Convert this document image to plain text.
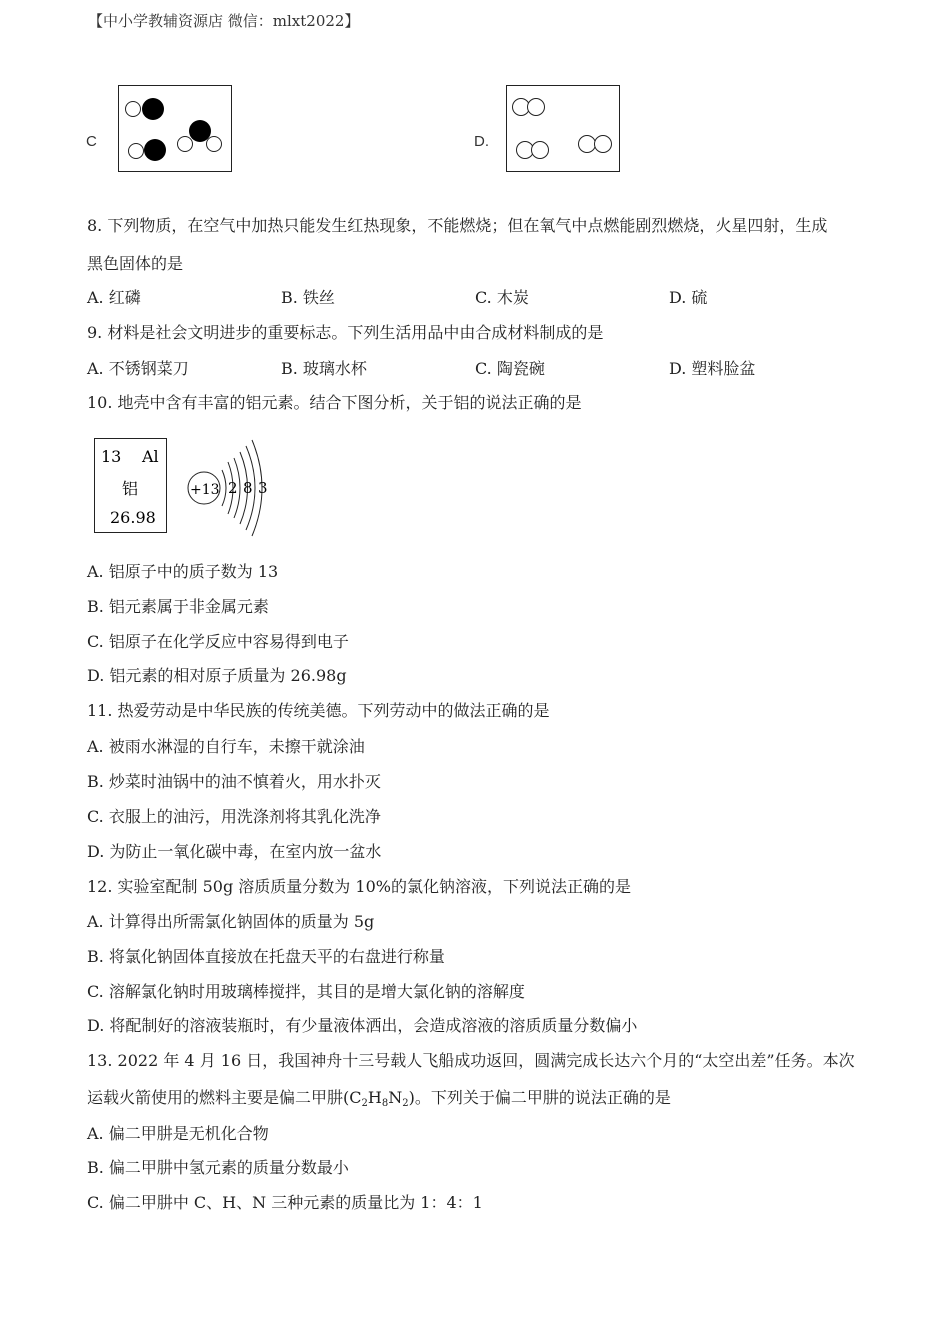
【中小学教辅资源店 微信：mlxt2022】
C	D.
8. 下列物质，在空气中加热只能发生红热现象，不能燃烧；但在氧气中点燃能剧烈燃烧，火星四射，生成
黑色固体的是
A. 红磷	B. 铁丝	C. 木炭	D. 硫
9. 材料是社会文明进步的重要标志。下列生活用品中由合成材料制成的是
A. 不锈钢菜刀	B. 玻璃水杯	C. 陶瓷碗	D. 塑料脸盆
10. 地壳中含有丰富的铝元素。结合下图分析，关于铝的说法正确的是
13 Al
铝
26.98
+13 2 8 3
A. 铝原子中的质子数为 13
B. 铝元素属于非金属元素
C. 铝原子在化学反应中容易得到电子
D. 铝元素的相对原子质量为 26.98g
11. 热爱劳动是中华民族的传统美德。下列劳动中的做法正确的是
A. 被雨水淋湿的自行车，未擦干就涂油
B. 炒菜时油锅中的油不慎着火，用水扑灭
C. 衣服上的油污，用洗涤剂将其乳化洗净
D. 为防止一氧化碳中毒，在室内放一盆水
12. 实验室配制 50g 溶质质量分数为 10%的氯化钠溶液，下列说法正确的是
A. 计算得出所需氯化钠固体的质量为 5g
B. 将氯化钠固体直接放在托盘天平的右盘进行称量
C. 溶解氯化钠时用玻璃棒搅拌，其目的是增大氯化钠的溶解度
D. 将配制好的溶液装瓶时，有少量液体洒出，会造成溶液的溶质质量分数偏小
13. 2022 年 4 月 16 日，我国神舟十三号载人飞船成功返回，圆满完成长达六个月的“太空出差”任务。本次
运载火箭使用的燃料主要是偏二甲肼$(C_2H_8N_2)$。下列关于偏二甲肼的说法正确的是
A. 偏二甲肼是无机化合物
B. 偏二甲肼中氢元素的质量分数最小
C. 偏二甲肼中 C、H、N 三种元素的质量比为 1：4：1
